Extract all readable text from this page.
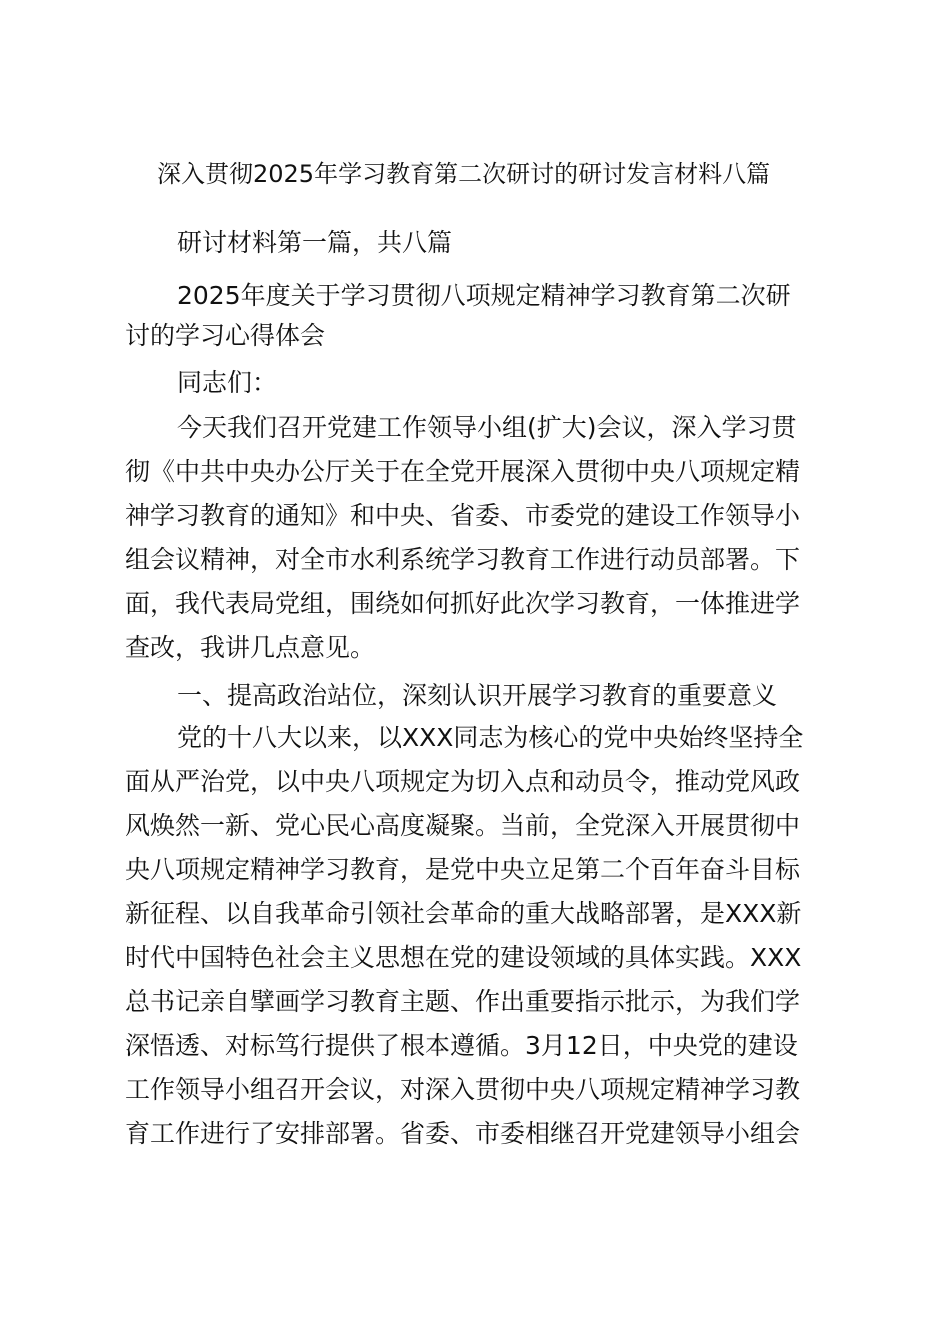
深入贯彻2025年学习教育第二次研讨的研讨发言材料八篇
研讨材料第一篇，共八篇
2025年度关于学习贯彻八项规定精神学习教育第二次研
讨的学习心得体会
同志们：
今天我们召开党建工作领导小组(扩大)会议，深入学习贯
彻《中共中央办公厅关于在全党开展深入贯彻中央八项规定精
神学习教育的通知》和中央、省委、市委党的建设工作领导小
组会议精神，对全市水利系统学习教育工作进行动员部署。下
面，我代表局党组，围绕如何抓好此次学习教育，一体推进学
查改，我讲几点意见。
一、提高政治站位，深刻认识开展学习教育的重要意义
党的十八大以来，以XXX同志为核心的党中央始终坚持全
面从严治党，以中央八项规定为切入点和动员令，推动党风政
风焕然一新、党心民心高度凝聚。当前，全党深入开展贯彻中
央八项规定精神学习教育，是党中央立足第二个百年奋斗目标
新征程、以自我革命引领社会革命的重大战略部署，是XXX新
时代中国特色社会主义思想在党的建设领域的具体实践。XXX
总书记亲自擘画学习教育主题、作出重要指示批示，为我们学
深悟透、对标笃行提供了根本遵循。3月12日，中央党的建设
工作领导小组召开会议，对深入贯彻中央八项规定精神学习教
育工作进行了安排部署。省委、市委相继召开党建领导小组会
